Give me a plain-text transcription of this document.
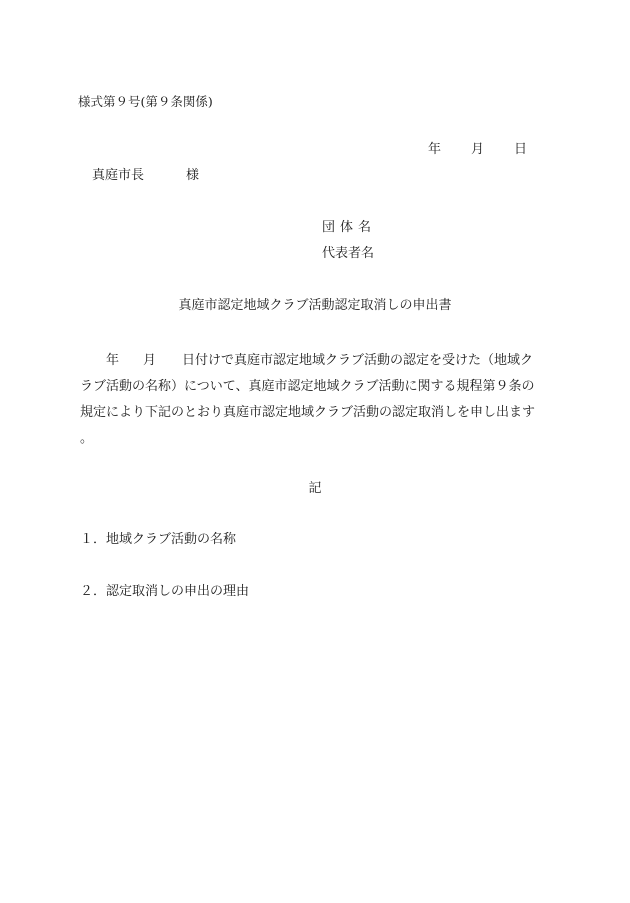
様式第９号(第９条関係)
年 月 日
真庭市長	様
団体名
代表者名
真庭市認定地域クラブ活動認定取消しの申出書
年 月 日付けで真庭市認定地域クラブ活動の認定を受けた（地域ク
ラブ活動の名称）について、真庭市認定地域クラブ活動に関する規程第９条の
規定により下記のとおり真庭市認定地域クラブ活動の認定取消しを申し出ます
。
記
１．地域クラブ活動の名称
２．認定取消しの申出の理由
